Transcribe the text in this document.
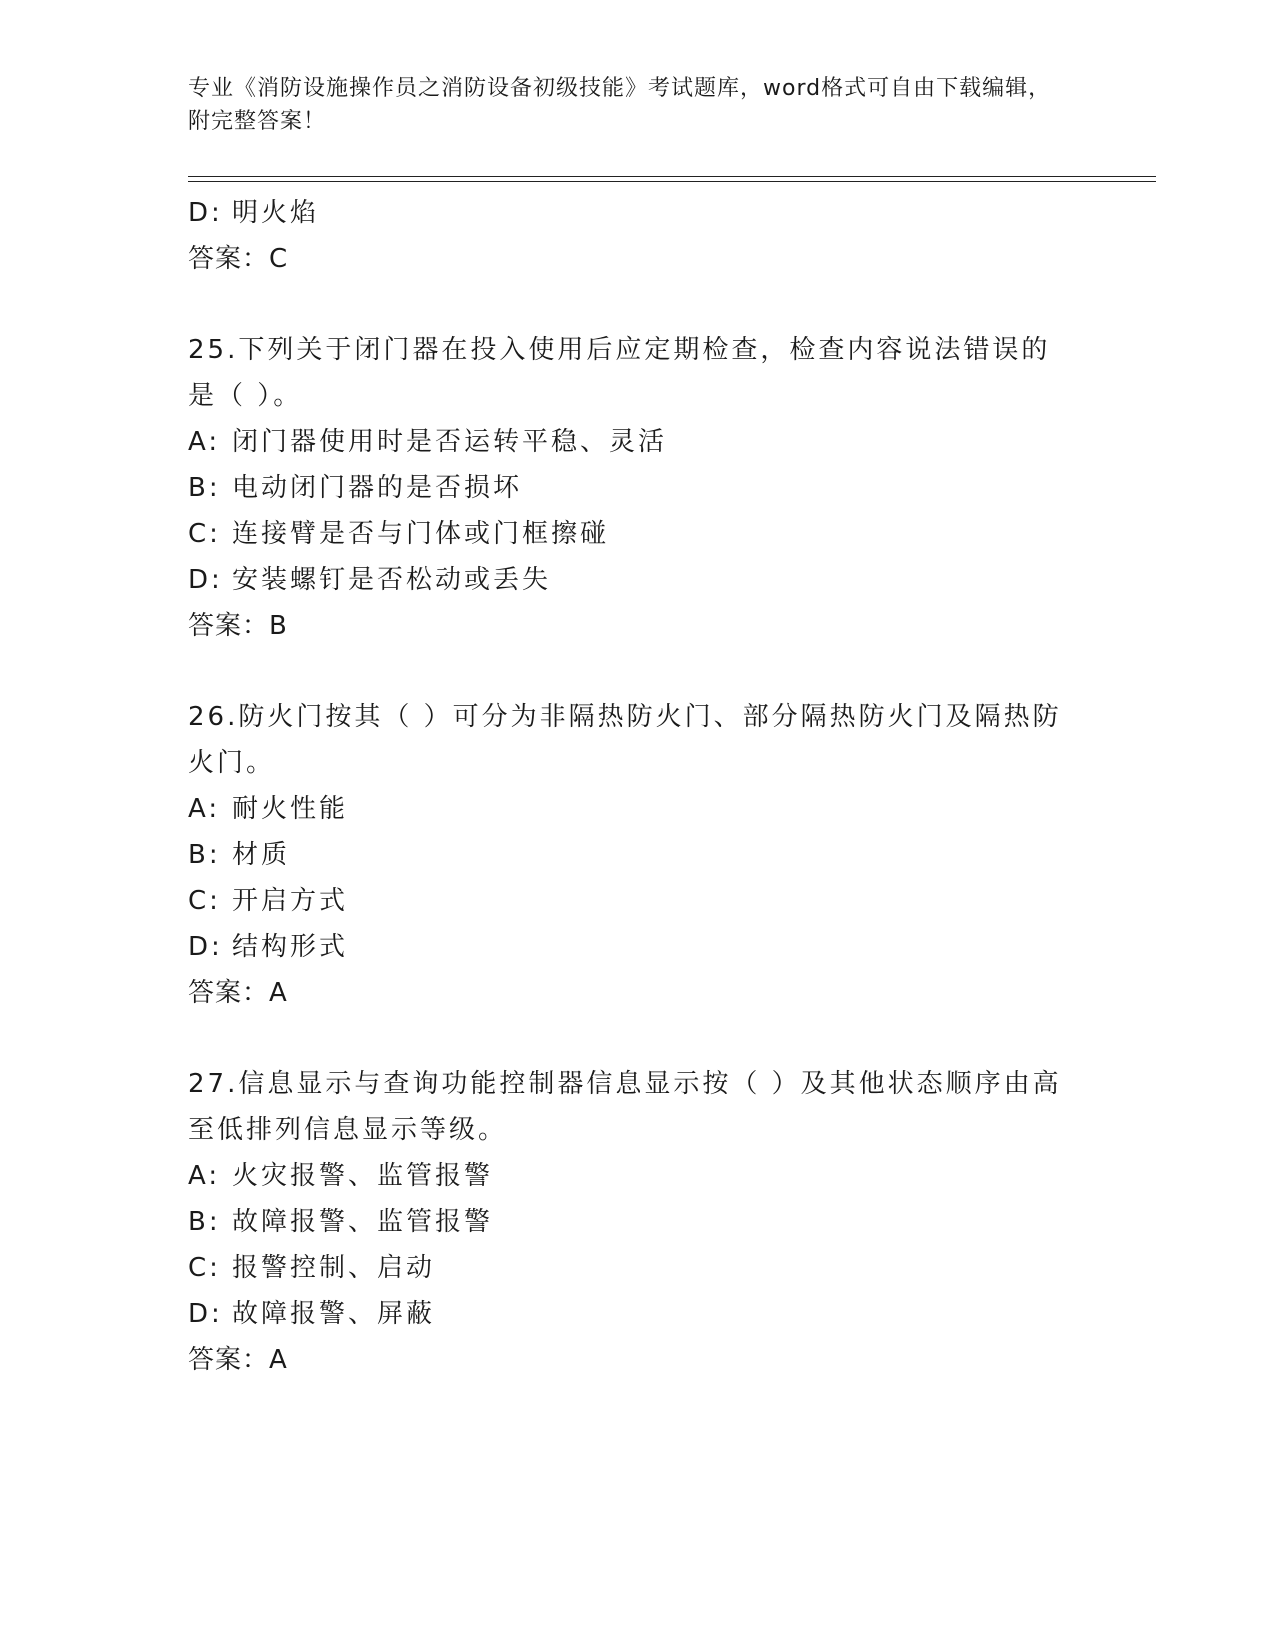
专业《消防设施操作员之消防设备初级技能》考试题库，word格式可自由下载编辑，附完整答案！
D: 明火焰
答案：C
25.下列关于闭门器在投入使用后应定期检查，检查内容说法错误的是（ ）。
A: 闭门器使用时是否运转平稳、灵活
B: 电动闭门器的是否损坏
C: 连接臂是否与门体或门框擦碰
D: 安装螺钉是否松动或丢失
答案：B
26.防火门按其（ ）可分为非隔热防火门、部分隔热防火门及隔热防火门。
A: 耐火性能
B: 材质
C: 开启方式
D: 结构形式
答案：A
27.信息显示与查询功能控制器信息显示按（ ）及其他状态顺序由高至低排列信息显示等级。
A: 火灾报警、监管报警
B: 故障报警、监管报警
C: 报警控制、启动
D: 故障报警、屏蔽
答案：A
